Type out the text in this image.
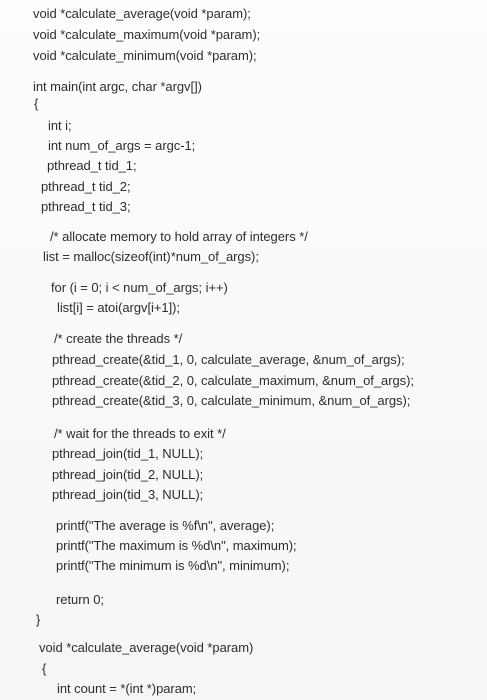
void *calculate_average(void *param);
void *calculate_maximum(void *param);
void *calculate_minimum(void *param);
int main(int argc, char *argv[])
{
int i;
int num_of_args = argc-1;
pthread_t tid_1;
pthread_t tid_2;
pthread_t tid_3;
/* allocate memory to hold array of integers */
list = malloc(sizeof(int)*num_of_args);
for (i = 0; i < num_of_args; i++)
list[i] = atoi(argv[i+1]);
/* create the threads */
pthread_create(&tid_1, 0, calculate_average, &num_of_args);
pthread_create(&tid_2, 0, calculate_maximum, &num_of_args);
pthread_create(&tid_3, 0, calculate_minimum, &num_of_args);
/* wait for the threads to exit */
pthread_join(tid_1, NULL);
pthread_join(tid_2, NULL);
pthread_join(tid_3, NULL);
printf("The average is %f\n", average);
printf("The maximum is %d\n", maximum);
printf("The minimum is %d\n", minimum);
return 0;
}
void *calculate_average(void *param)
{
int count = *(int *)param;
